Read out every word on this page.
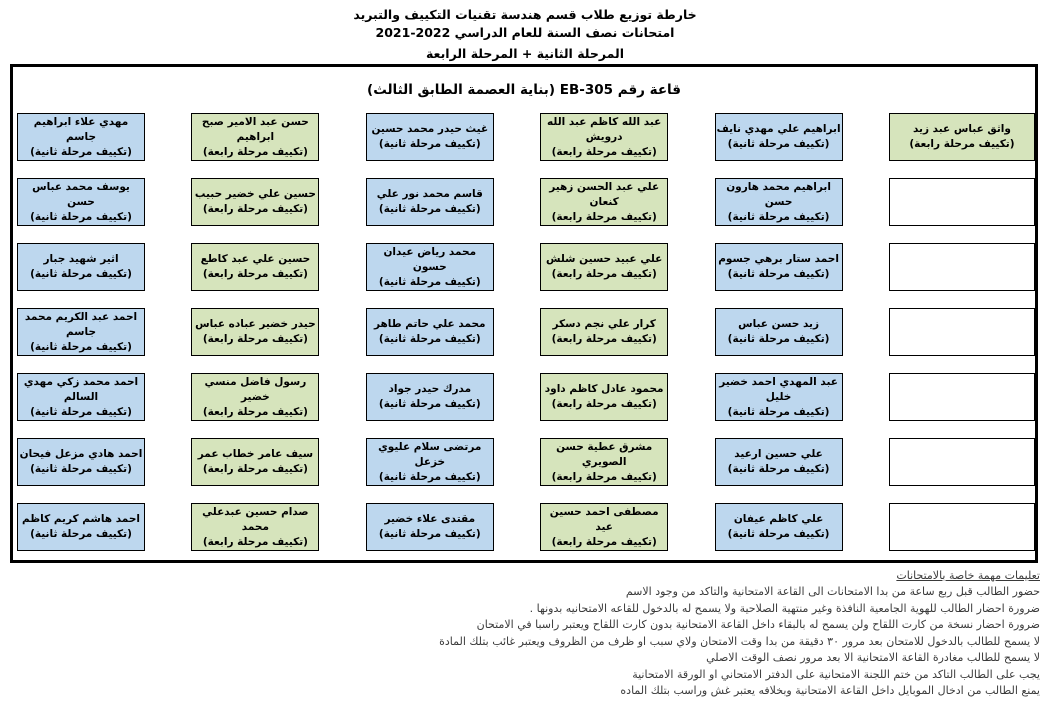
خارطة توزيع طلاب قسم هندسة تقنيات التكييف والتبريد
امتحانات نصف السنة للعام الدراسي 2022-2021
المرحلة الثانية + المرحلة الرابعة
قاعة رقم EB-305 (بناية العصمة الطابق الثالث)
مهدي علاء ابراهيم جاسم
(تكييف مرحلة ثانية)
حسن عبد الامير صبح ابراهيم
(تكييف مرحلة رابعة)
غيث حيدر محمد حسين
(تكييف مرحلة ثانية)
عبد الله كاظم عبد الله درويش
(تكييف مرحلة رابعة)
ابراهيم علي مهدي نايف
(تكييف مرحلة ثانية)
واثق عباس عبد زيد
(تكييف مرحلة رابعة)
يوسف محمد عباس حسن
(تكييف مرحلة ثانية)
حسين علي خضير حبيب
(تكييف مرحلة رابعة)
قاسم محمد نور علي
(تكييف مرحلة ثانية)
علي عبد الحسن زهير كنعان
(تكييف مرحلة رابعة)
ابراهيم محمد هارون حسن
(تكييف مرحلة ثانية)
اثير شهيد جبار
(تكييف مرحلة ثانية)
حسين علي عبد كاطع
(تكييف مرحلة رابعة)
محمد رياض عيدان حسون
(تكييف مرحلة ثانية)
علي عبيد حسين شلش
(تكييف مرحلة رابعة)
احمد ستار برهي جسوم
(تكييف مرحلة ثانية)
احمد عبد الكريم محمد جاسم
(تكييف مرحلة ثانية)
حيدر خضير عباده عباس
(تكييف مرحلة رابعة)
محمد علي حاتم طاهر
(تكييف مرحلة ثانية)
كرار علي نجم دسكر
(تكييف مرحلة رابعة)
زيد حسن عباس
(تكييف مرحلة ثانية)
احمد محمد زكي مهدي السالم
(تكييف مرحلة ثانية)
رسول فاضل منسي خضير
(تكييف مرحلة رابعة)
مدرك حيدر جواد
(تكييف مرحلة ثانية)
محمود عادل كاظم داود
(تكييف مرحلة رابعة)
عبد المهدي احمد خضير خليل
(تكييف مرحلة ثانية)
احمد هادي مزعل فيحان
(تكييف مرحلة ثانية)
سيف عامر خطاب عمر
(تكييف مرحلة رابعة)
مرتضى سلام عليوي خزعل
(تكييف مرحلة ثانية)
مشرق عطية حسن الصويري
(تكييف مرحلة رابعة)
علي حسين ارعيد
(تكييف مرحلة ثانية)
احمد هاشم كريم كاظم
(تكييف مرحلة ثانية)
صدام حسين عبدعلي محمد
(تكييف مرحلة رابعة)
مقتدى علاء خضير
(تكييف مرحلة ثانية)
مصطفى احمد حسين عيد
(تكييف مرحلة رابعة)
علي كاظم عيفان
(تكييف مرحلة ثانية)
تعليمات مهمة خاصة بالامتحانات
حضور الطالب قبل ربع ساعة من بدا الامتحانات الى القاعة الامتحانية والتاكد من وجود الاسم
ضرورة احضار الطالب للهوية الجامعية النافذة وغير منتهية الصلاحية ولا يسمح له بالدخول للقاعه الامتحانيه بدونها .
ضرورة احضار نسخة من كارت اللقاح ولن يسمح له بالبقاء داخل القاعة الامتحانية بدون كارت اللقاح ويعتبر راسبا في الامتحان
لا يسمح للطالب بالدخول للامتحان بعد مرور ٣٠ دقيقة من بدا وقت الامتحان ولاي سبب او ظرف من الظروف ويعتبر غائب بتلك المادة
لا يسمح للطالب مغادرة القاعة الامتحانية الا بعد مرور نصف الوقت الاصلي
يجب على الطالب التاكد من ختم اللجنة الامتحانية على الدفتر الامتحاني او الورقة الامتحانية
يمنع الطالب من ادخال الموبايل داخل القاعة الامتحانية وبخلافه يعتبر غش وراسب بتلك الماده
